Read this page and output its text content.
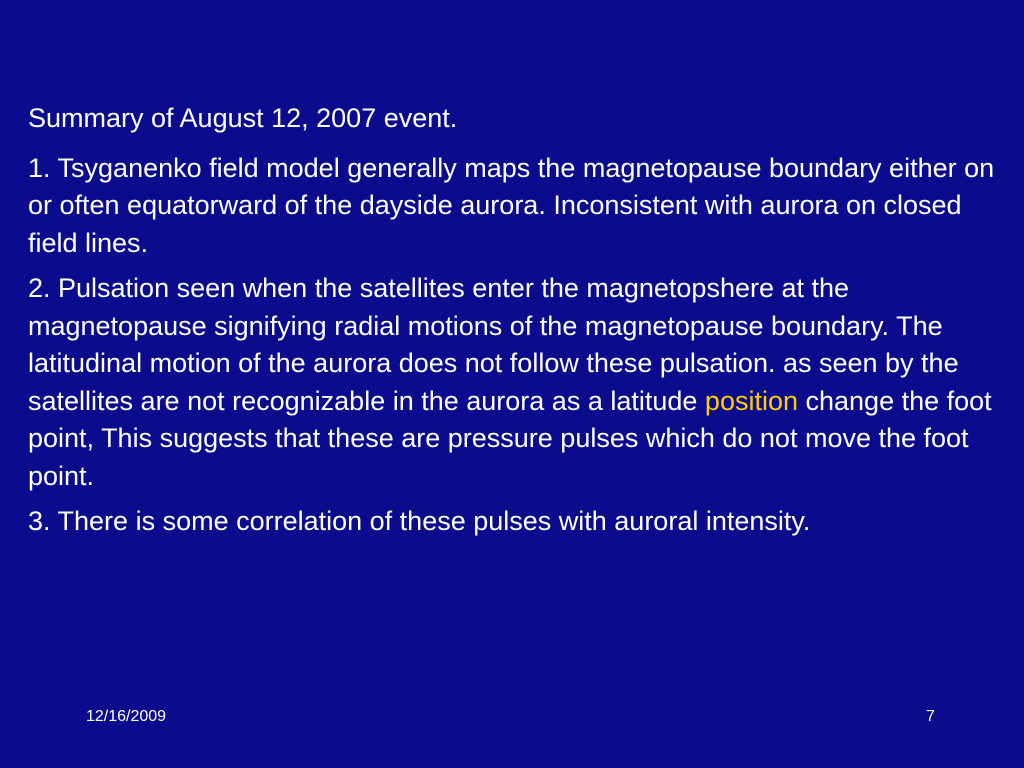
Summary of August 12, 2007 event.

1. Tsyganenko field model generally maps the magnetopause boundary either on or often equatorward of the dayside aurora. Inconsistent with aurora on closed field lines.

2. Pulsation seen when the satellites enter the magnetopshere at the magnetopause signifying radial motions of the magnetopause boundary. The latitudinal motion of the aurora does not follow these pulsation. as seen by the satellites are not recognizable in the aurora as a latitude position change the foot point, This suggests that these are pressure pulses which do not move the foot point.

3. There is some correlation of these pulses with auroral intensity.

12/16/2009	7
